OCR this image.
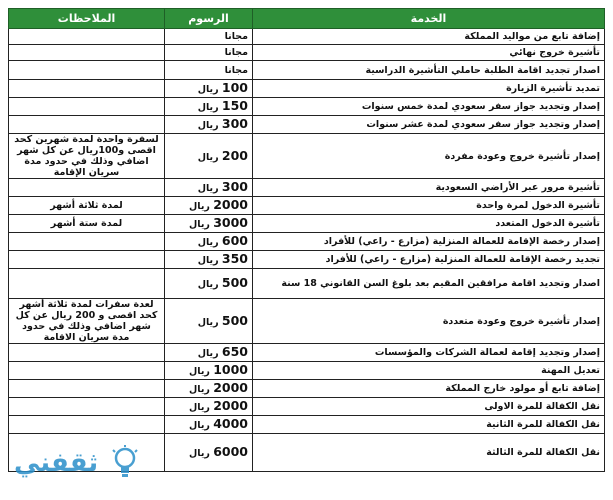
الخدمة	الرسوم	الملاحظات
إضافة تابع من مواليد المملكة	مجانا	
تأشيرة خروج نهائي	مجانا	
اصدار تجديد اقامة الطلبة حاملي التأشيرة الدراسية	مجانا	
تمديد تأشيرة الزيارة	100 ريال	
إصدار وتجديد جواز سفر سعودي لمدة خمس سنوات	150 ريال	
إصدار وتجديد جواز سفر سعودي لمدة عشر سنوات	300 ريال	
إصدار تأشيرة خروج وعودة مفردة	200 ريال	لسفرة واحدة لمدة شهرين كحد اقصى و100ريال عن كل شهر اضافي وذلك في حدود مدة سريان الإقامة
تأشيرة مرور عبر الأراضي السعودية	300 ريال	
تأشيرة الدخول لمرة واحدة	2000 ريال	لمدة ثلاثة أشهر
تأشيرة الدخول المتعدد	3000 ريال	لمدة ستة أشهر
إصدار رخصة الإقامة للعمالة المنزلية (مزارع - راعي) للأفراد	600 ريال	
تجديد رخصة الإقامة للعمالة المنزلية (مزارع - راعي) للأفراد	350 ريال	
اصدار وتجديد اقامة مرافقين المقيم بعد بلوغ السن القانوني 18 سنة	500 ريال	
إصدار تأشيرة خروج وعودة متعددة	500 ريال	لعدة سفرات لمدة ثلاثة أشهر كحد اقصى و 200 ريال عن كل شهر اضافي وذلك في حدود مدة سريان الاقامة
إصدار وتجديد إقامة لعمالة الشركات والمؤسسات	650 ريال	
تعديل المهنة	1000 ريال	
إضافة تابع أو مولود خارج المملكة	2000 ريال	
نقل الكفالة للمرة الاولى	2000 ريال	
نقل الكفالة للمرة الثانية	4000 ريال	
نقل الكفالة للمرة الثالثة	6000 ريال	
ثقفني
